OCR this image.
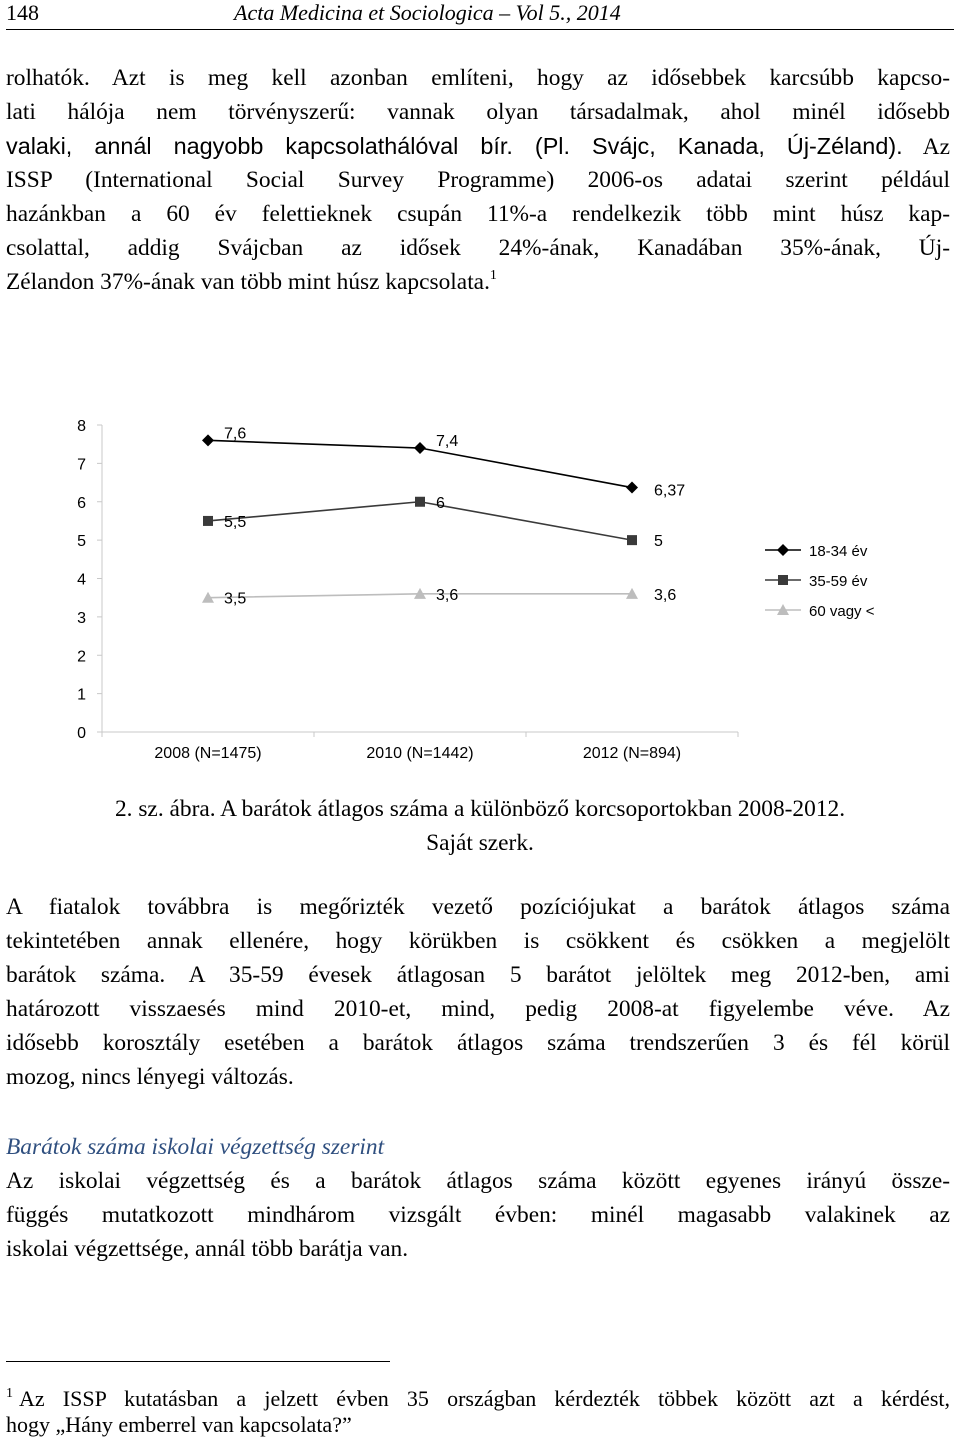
148	Acta Medicina et Sociologica – Vol 5., 2014
rolhatók. Azt is meg kell azonban említeni, hogy az idősebbek karcsúbb kapcso-
lati hálója nem törvényszerű: vannak olyan társadalmak, ahol minél idősebb
valaki, annál nagyobb kapcsolathálóval bír. (Pl. Svájc, Kanada, Új-Zéland). Az
ISSP (International Social Survey Programme) 2006-os adatai szerint például
hazánkban a 60 év felettieknek csupán 11%-a rendelkezik több mint húsz kap-
csolattal, addig Svájcban az idősek 24%-ának, Kanadában 35%-ának, Új-
Zélandon 37%-ának van több mint húsz kapcsolata.$^1$
0
1
2
3
4
5
6
7
8
2008 (N=1475)	2010 (N=1442)	2012 (N=894)
7,6	7,4
6,37
5,5
6
5
3,5	3,6	3,6
18-34 év
35-59 év
60 vagy <
2. sz. ábra. A barátok átlagos száma a különböző korcsoportokban 2008-2012.
Saját szerk.
A fiatalok továbbra is megőrizték vezető pozíciójukat a barátok átlagos száma
tekintetében annak ellenére, hogy körükben is csökkent és csökken a megjelölt
barátok száma. A 35-59 évesek átlagosan 5 barátot jelöltek meg 2012-ben, ami
határozott visszaesés mind 2010-et, mind, pedig 2008-at figyelembe véve. Az
idősebb korosztály esetében a barátok átlagos száma trendszerűen 3 és fél körül
mozog, nincs lényegi változás.
Barátok száma iskolai végzettség szerint
Az iskolai végzettség és a barátok átlagos száma között egyenes irányú össze-
függés mutatkozott mindhárom vizsgált évben: minél magasabb valakinek az
iskolai végzettsége, annál több barátja van.
$^1$ Az ISSP kutatásban a jelzett évben 35 országban kérdezték többek között azt a kérdést,
hogy „Hány emberrel van kapcsolata?”
